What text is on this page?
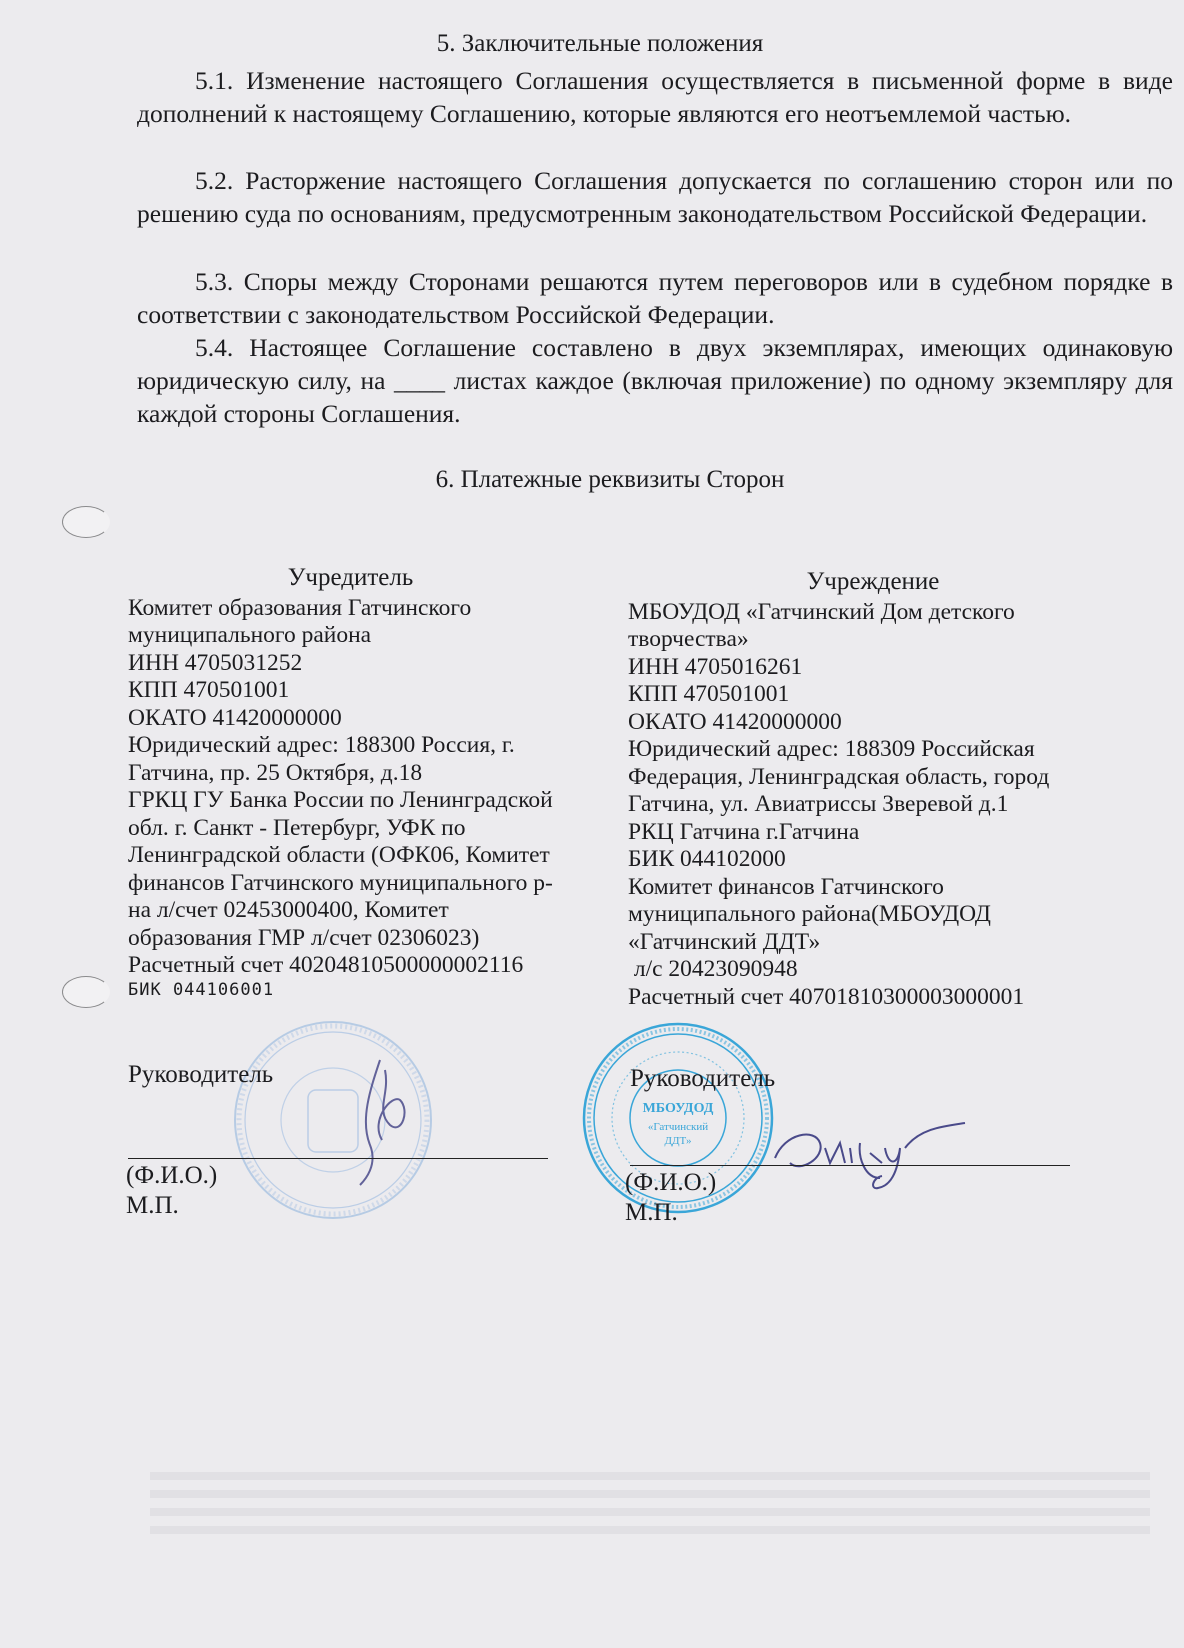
5. Заключительные положения

5.1. Изменение настоящего Соглашения осуществляется в письменной форме в виде дополнений к настоящему Соглашению, которые являются его неотъемлемой частью.

5.2. Расторжение настоящего Соглашения допускается по соглашению сторон или по решению суда по основаниям, предусмотренным законодательством Российской Федерации.

5.3. Споры между Сторонами решаются путем переговоров или в судебном порядке в соответствии с законодательством Российской Федерации.

5.4. Настоящее Соглашение составлено в двух экземплярах, имеющих одинаковую юридическую силу, на ____ листах каждое (включая приложение) по одному экземпляру для каждой стороны Соглашения.

6. Платежные реквизиты Сторон
Учредитель
Комитет образования Гатчинского
муниципального района
ИНН 4705031252
КПП 470501001
ОКАТО 41420000000
Юридический адрес: 188300 Россия, г.
Гатчина, пр. 25 Октября, д.18
ГРКЦ ГУ Банка России по Ленинградской
обл. г. Санкт - Петербург, УФК по
Ленинградской области (ОФК06, Комитет
финансов Гатчинского муниципального р-
на л/счет 02453000400, Комитет
образования ГМР л/счет 02306023)
Расчетный счет 40204810500000002116
БИК 044106001
Учреждение
МБОУДОД «Гатчинский Дом детского
творчества»
ИНН 4705016261
КПП 470501001
ОКАТО 41420000000
Юридический адрес: 188309 Российская
Федерация, Ленинградская область, город
Гатчина, ул. Авиатриссы Зверевой д.1
РКЦ Гатчина г.Гатчина
БИК 044102000
Комитет финансов Гатчинского
муниципального района(МБОУДОД
«Гатчинский ДДТ»
л/с 20423090948
Расчетный счет 40701810300003000001
МБОУДОД
«Гатчинский
ДДТ»
Руководитель
(Ф.И.О.)
М.П.
Руководитель
(Ф.И.О.)
М.П.
